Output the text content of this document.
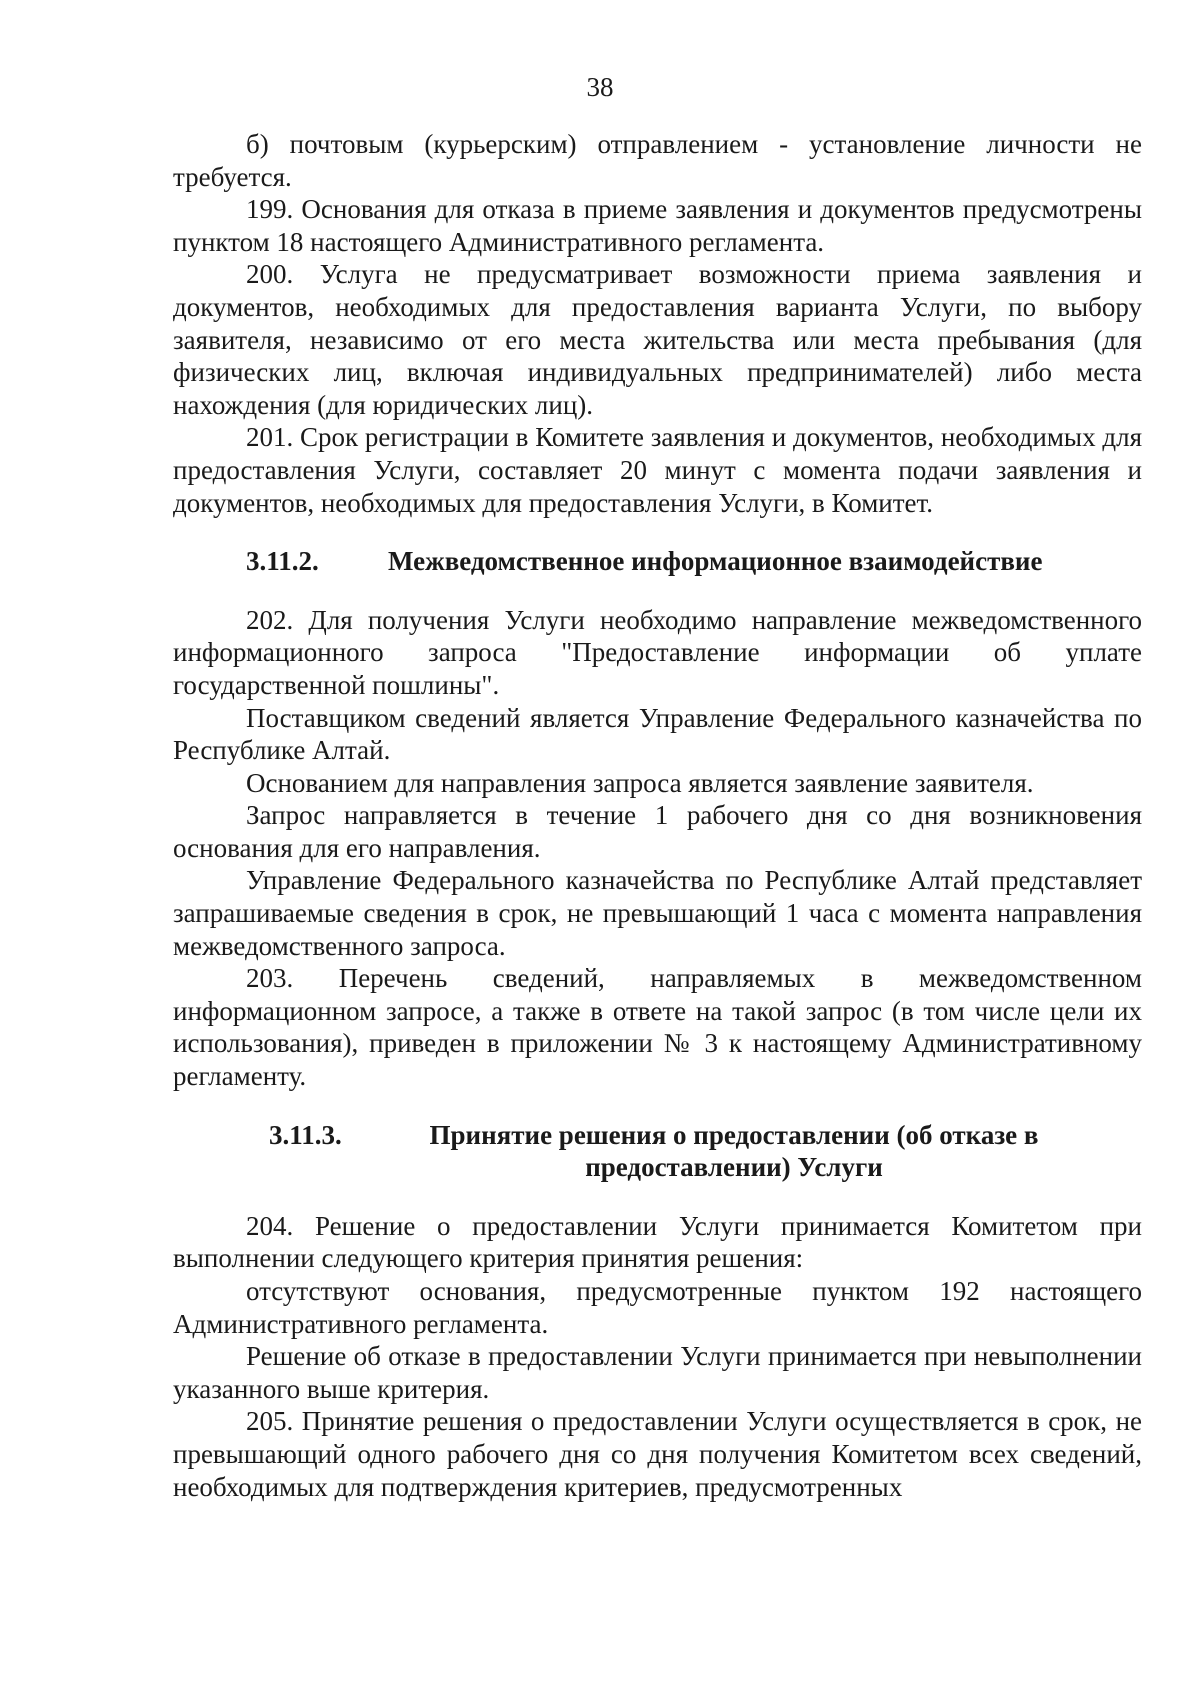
38

б) почтовым (курьерским) отправлением - установление личности не требуется.

199. Основания для отказа в приеме заявления и документов предусмотрены пунктом 18 настоящего Административного регламента.

200. Услуга не предусматривает возможности приема заявления и документов, необходимых для предоставления варианта Услуги, по выбору заявителя, независимо от его места жительства или места пребывания (для физических лиц, включая индивидуальных предпринимателей) либо места нахождения (для юридических лиц).

201. Срок регистрации в Комитете заявления и документов, необходимых для предоставления Услуги, составляет 20 минут с момента подачи заявления и документов, необходимых для предоставления Услуги, в Комитет.

3.11.2.	Межведомственное информационное взаимодействие

202. Для получения Услуги необходимо направление межведомственного информационного запроса "Предоставление информации об уплате государственной пошлины".

Поставщиком сведений является Управление Федерального казначейства по Республике Алтай.

Основанием для направления запроса является заявление заявителя.

Запрос направляется в течение 1 рабочего дня со дня возникновения основания для его направления.

Управление Федерального казначейства по Республике Алтай представляет запрашиваемые сведения в срок, не превышающий 1 часа с момента направления межведомственного запроса.

203. Перечень сведений, направляемых в межведомственном информационном запросе, а также в ответе на такой запрос (в том числе цели их использования), приведен в приложении № 3 к настоящему Административному регламенту.

3.11.3.	Принятие решения о предоставлении (об отказе в предоставлении) Услуги

204. Решение о предоставлении Услуги принимается Комитетом при выполнении следующего критерия принятия решения:

отсутствуют основания, предусмотренные пунктом 192 настоящего Административного регламента.

Решение об отказе в предоставлении Услуги принимается при невыполнении указанного выше критерия.

205. Принятие решения о предоставлении Услуги осуществляется в срок, не превышающий одного рабочего дня со дня получения Комитетом всех сведений, необходимых для подтверждения критериев, предусмотренных
